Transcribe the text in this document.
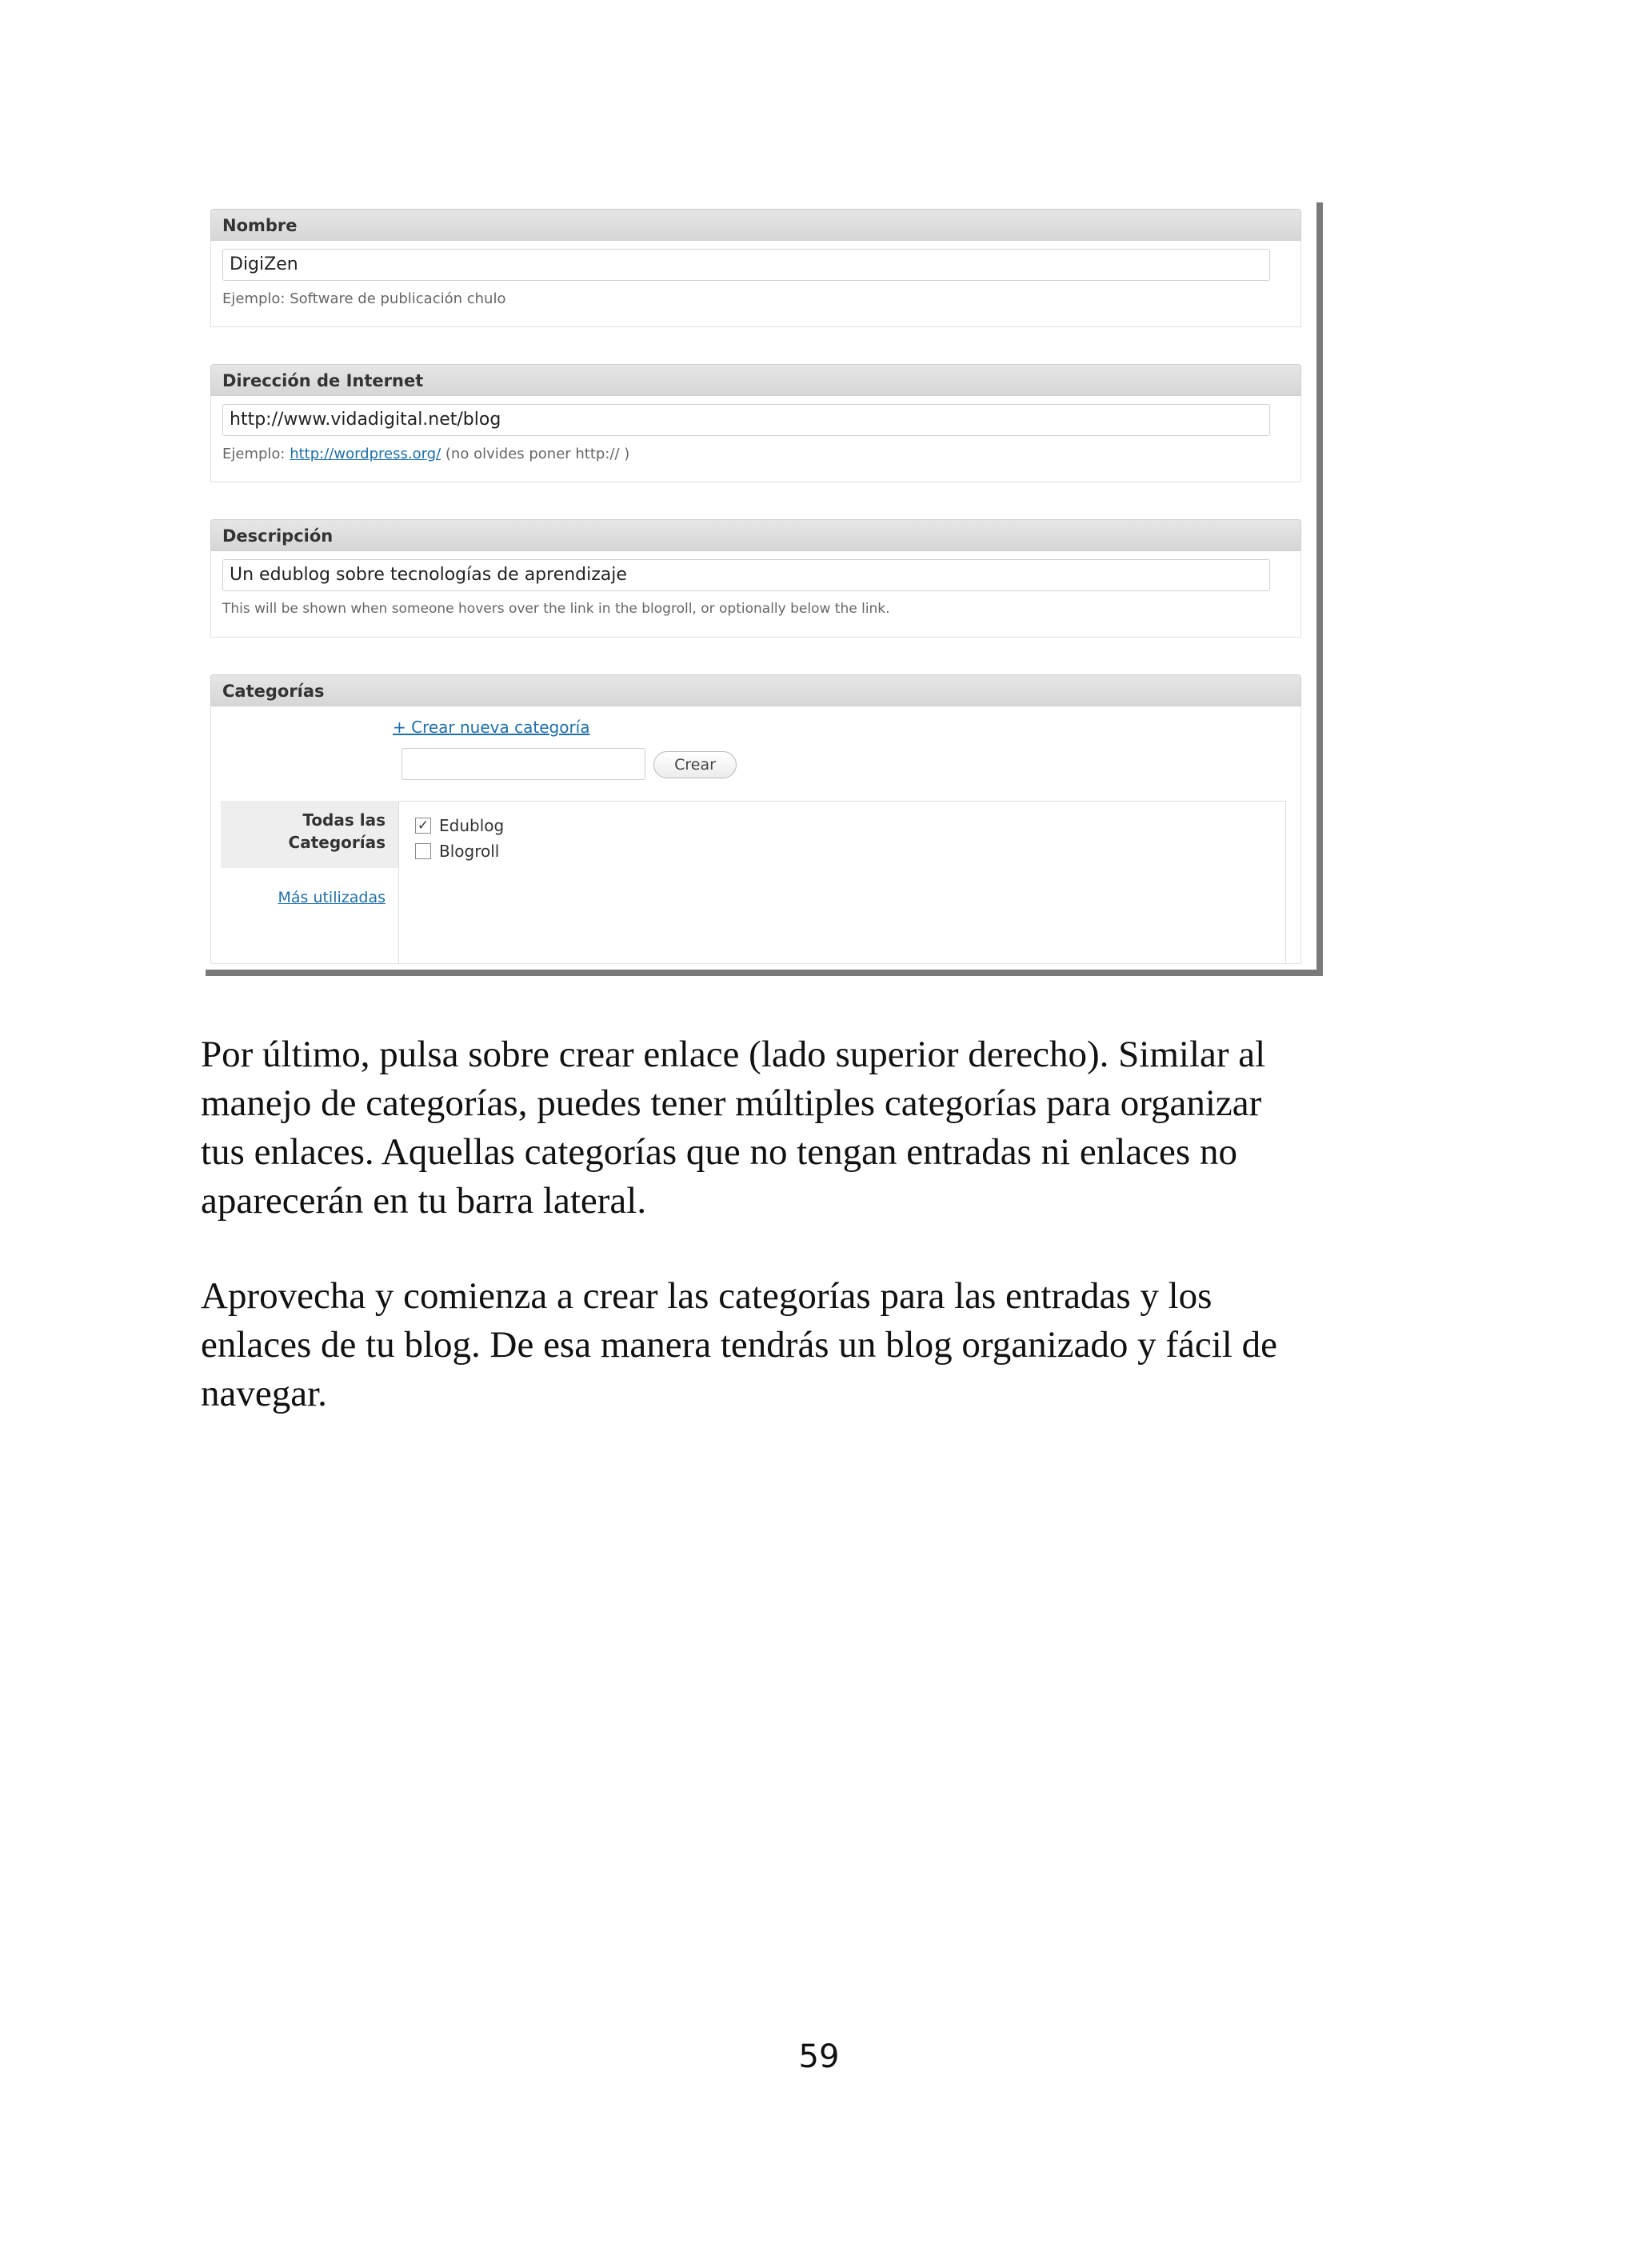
Nombre
DigiZen
Ejemplo: Software de publicación chulo
Dirección de Internet
http://www.vidadigital.net/blog
Ejemplo: http://wordpress.org/ (no olvides poner http:// )
Descripción
Un edublog sobre tecnologías de aprendizaje
This will be shown when someone hovers over the link in the blogroll, or optionally below the link.
Categorías
+ Crear nueva categoría
Crear
Todas las
Categorías
Más utilizadas
✓ Edublog
Blogroll
Por último, pulsa sobre crear enlace (lado superior derecho). Similar al
manejo de categorías, puedes tener múltiples categorías para organizar
tus enlaces. Aquellas categorías que no tengan entradas ni enlaces no
aparecerán en tu barra lateral.
Aprovecha y comienza a crear las categorías para las entradas y los
enlaces de tu blog. De esa manera tendrás un blog organizado y fácil de
navegar.
59
